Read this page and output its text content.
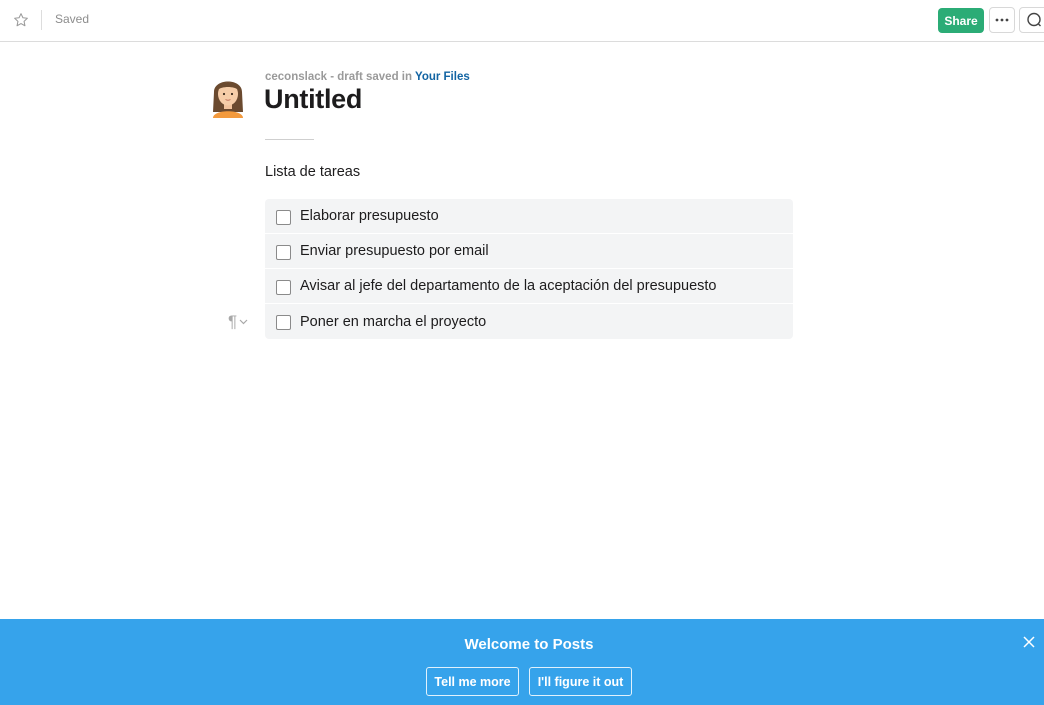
Saved	Share
ceconslack - draft saved in Your Files
Untitled
Lista de tareas
Elaborar presupuesto
Enviar presupuesto por email
Avisar al jefe del departamento de la aceptación del presupuesto
Poner en marcha el proyecto
¶
Welcome to Posts
Tell me more	I'll figure it out
